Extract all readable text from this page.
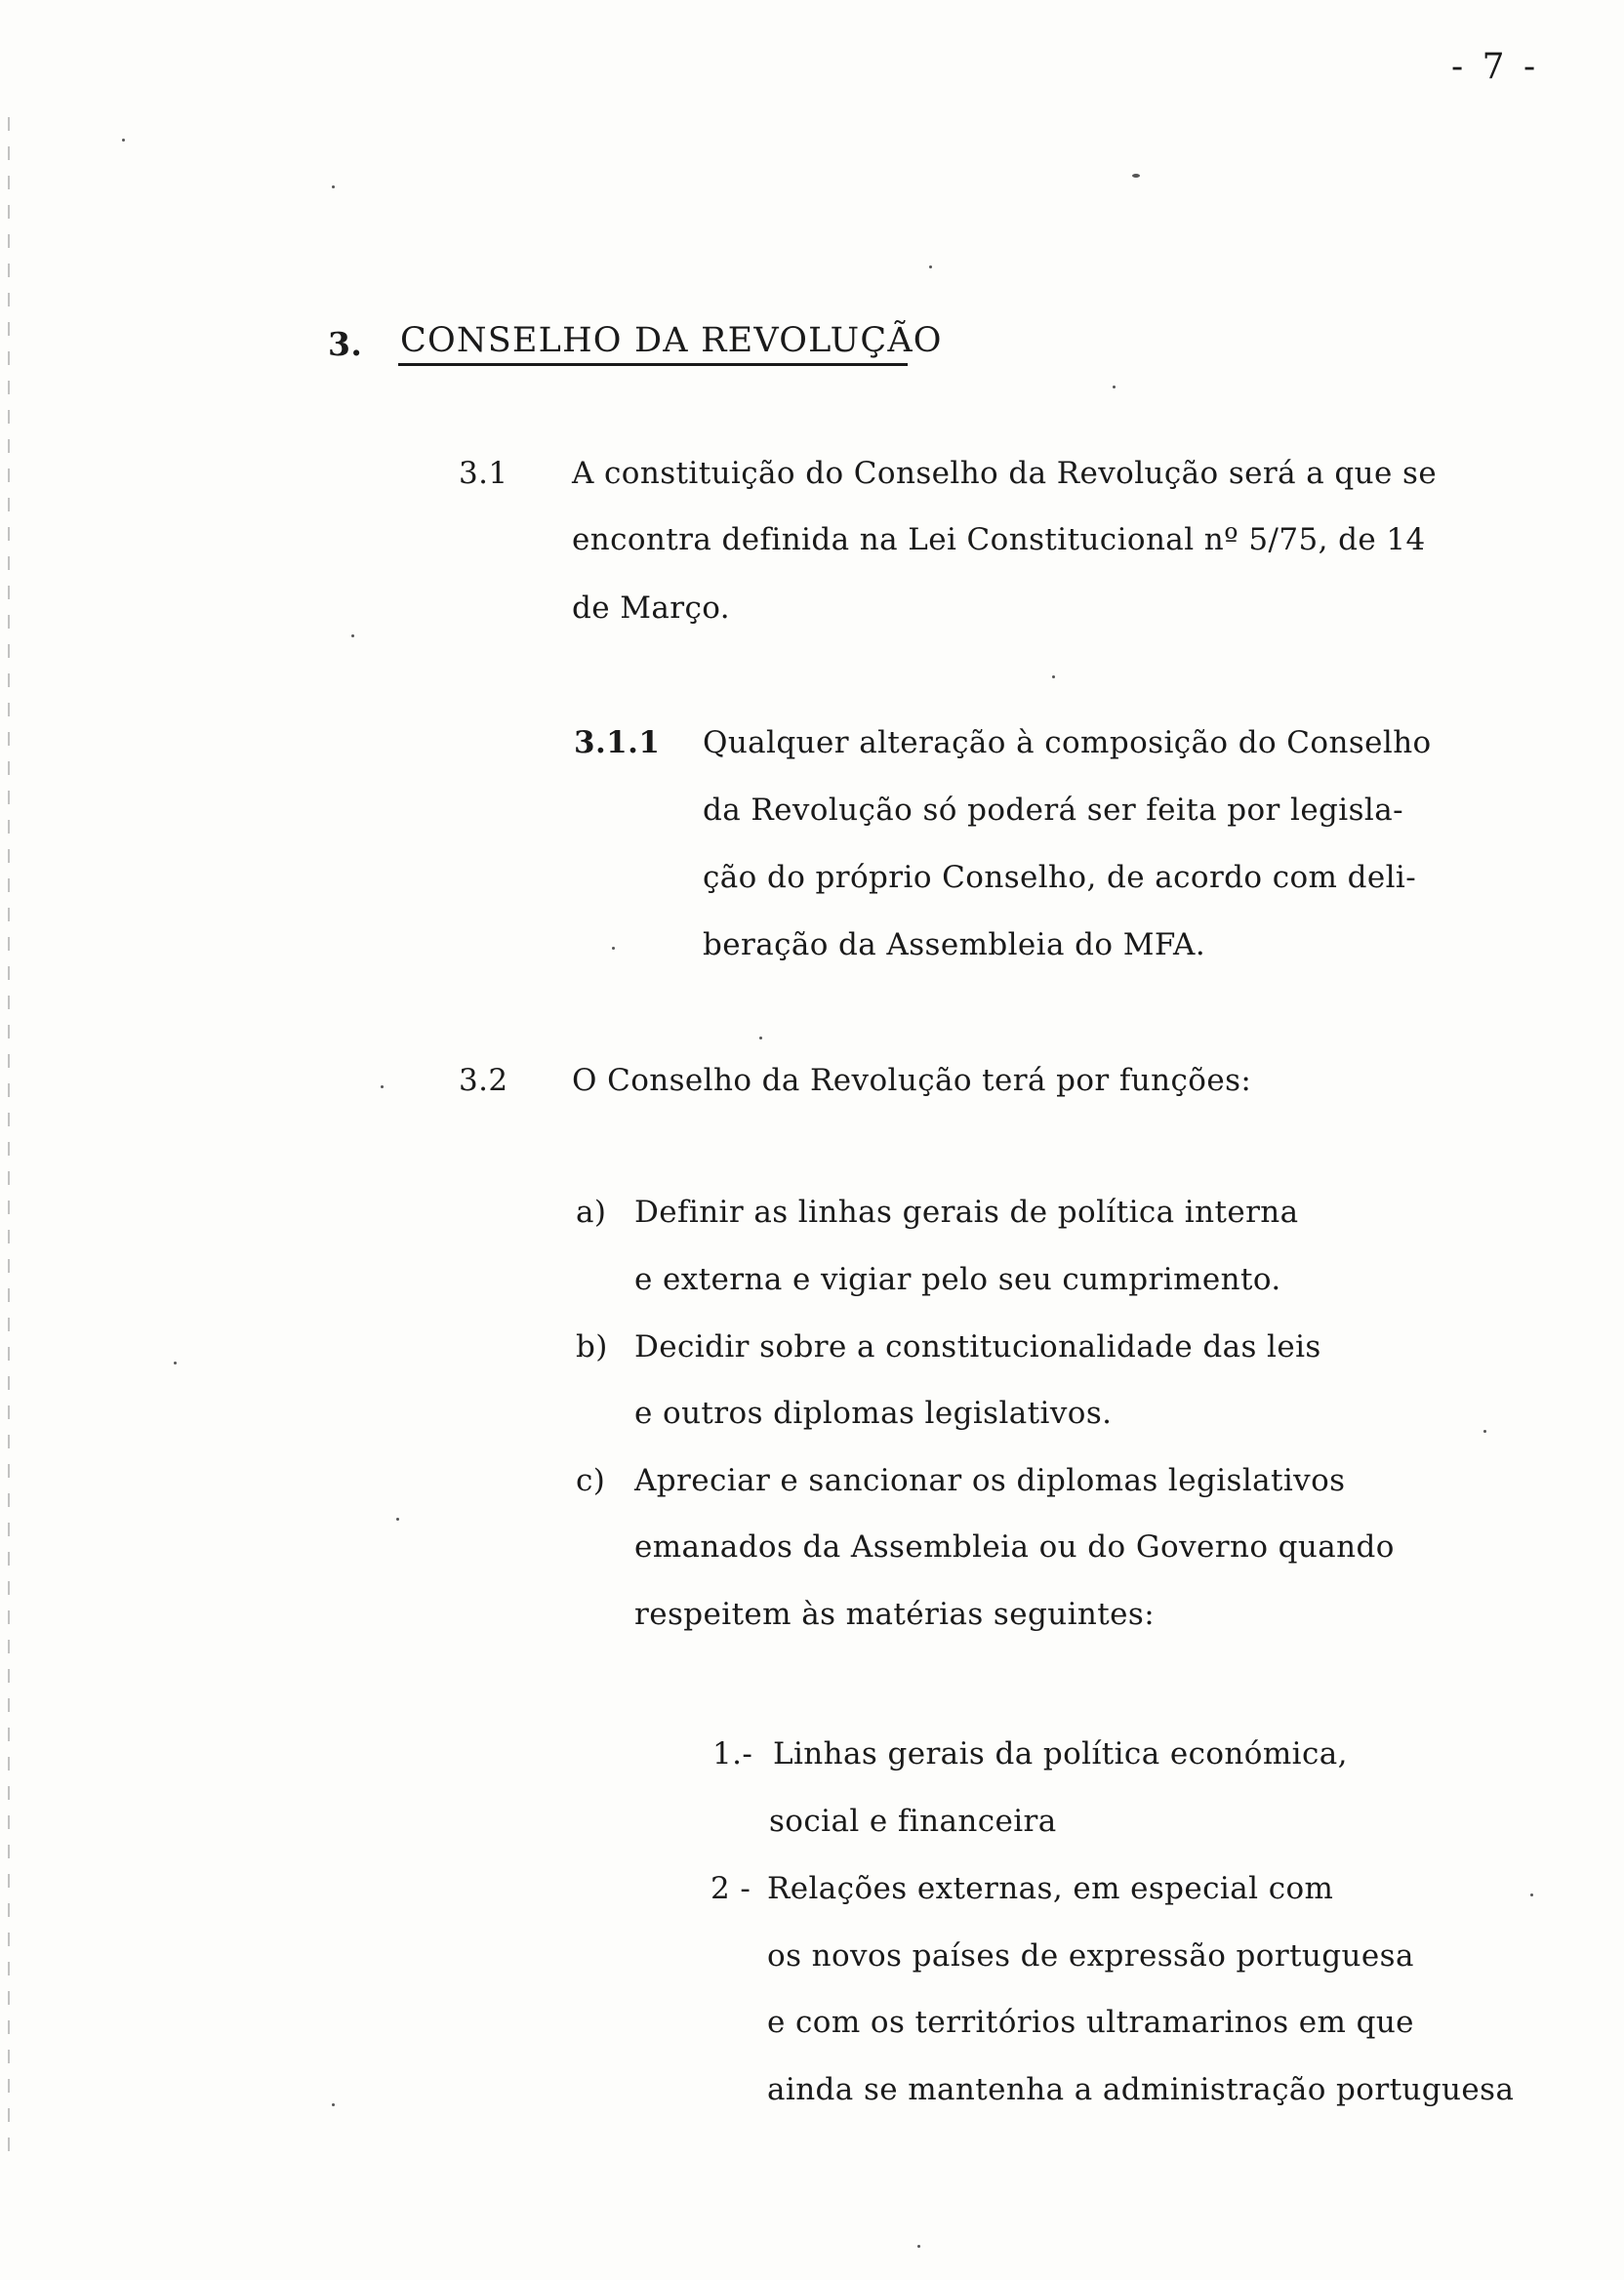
- 7 -
3. CONSELHO DA REVOLUÇÃO
3.1 A constituição do Conselho da Revolução será a que se
encontra definida na Lei Constitucional nº 5/75, de 14
de Março.
3.1.1 Qualquer alteração à composição do Conselho
da Revolução só poderá ser feita por legisla-
ção do próprio Conselho, de acordo com deli-
beração da Assembleia do MFA.
3.2 O Conselho da Revolução terá por funções:
a) Definir as linhas gerais de política interna
e externa e vigiar pelo seu cumprimento.
b) Decidir sobre a constitucionalidade das leis
e outros diplomas legislativos.
c) Apreciar e sancionar os diplomas legislativos
emanados da Assembleia ou do Governo quando
respeitem às matérias seguintes:
1.- Linhas gerais da política económica,
social e financeira
2 - Relações externas, em especial com
os novos países de expressão portuguesa
e com os territórios ultramarinos em que
ainda se mantenha a administração portuguesa
